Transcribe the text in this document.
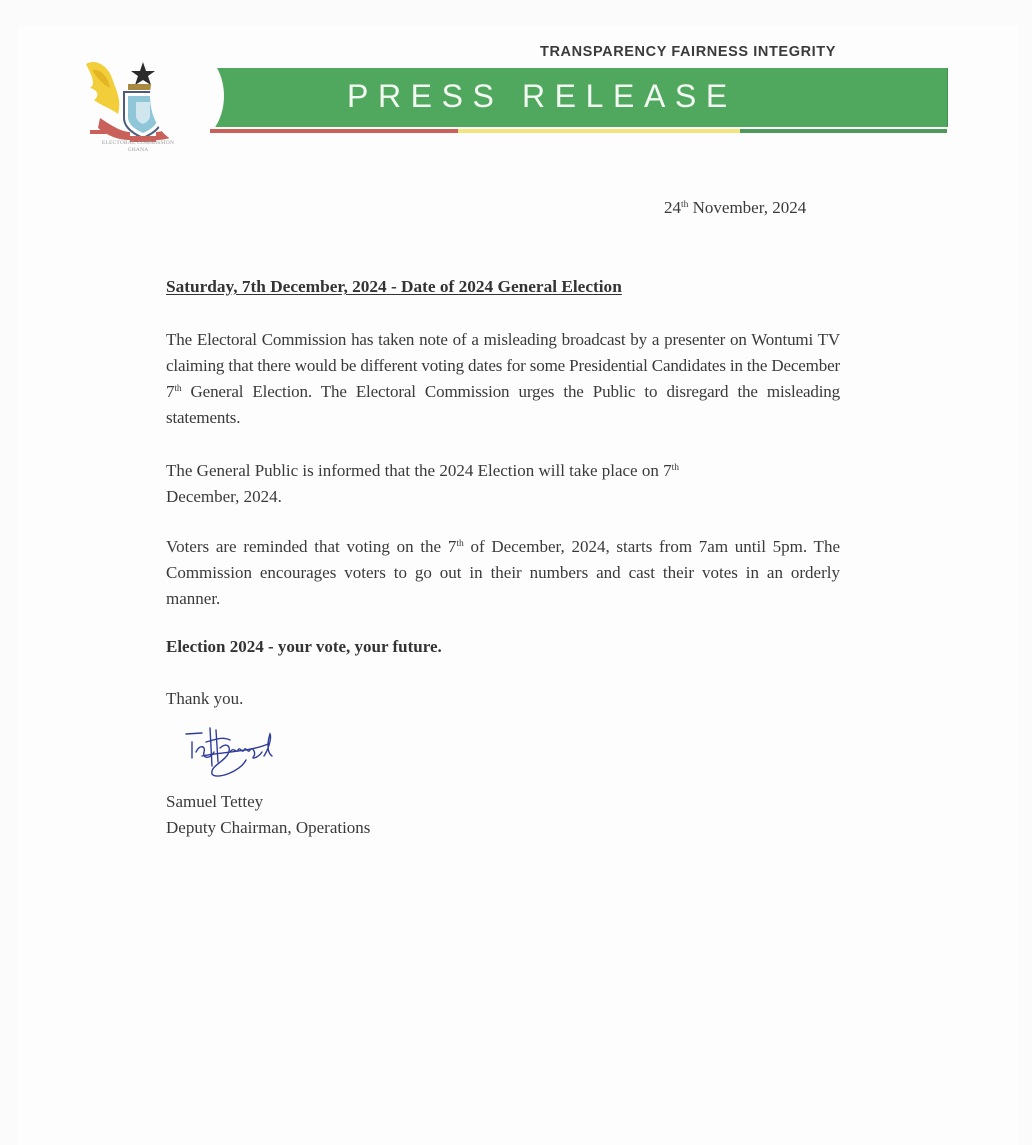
ELECTORAL COMMISSION
GHANA
TRANSPARENCY FAIRNESS INTEGRITY
PRESS RELEASE
24th November, 2024
Saturday, 7th December, 2024 - Date of 2024 General Election
The Electoral Commission has taken note of a misleading broadcast by a presenter on Wontumi TV claiming that there would be different voting dates for some Presidential Candidates in the December 7th General Election. The Electoral Commission urges the Public to disregard the misleading statements.
The General Public is informed that the 2024 Election will take place on 7th
December, 2024.
Voters are reminded that voting on the 7th of December, 2024, starts from 7am until 5pm. The Commission encourages voters to go out in their numbers and cast their votes in an orderly manner.
Election 2024 - your vote, your future.
Thank you.
Samuel Tettey
Deputy Chairman, Operations
